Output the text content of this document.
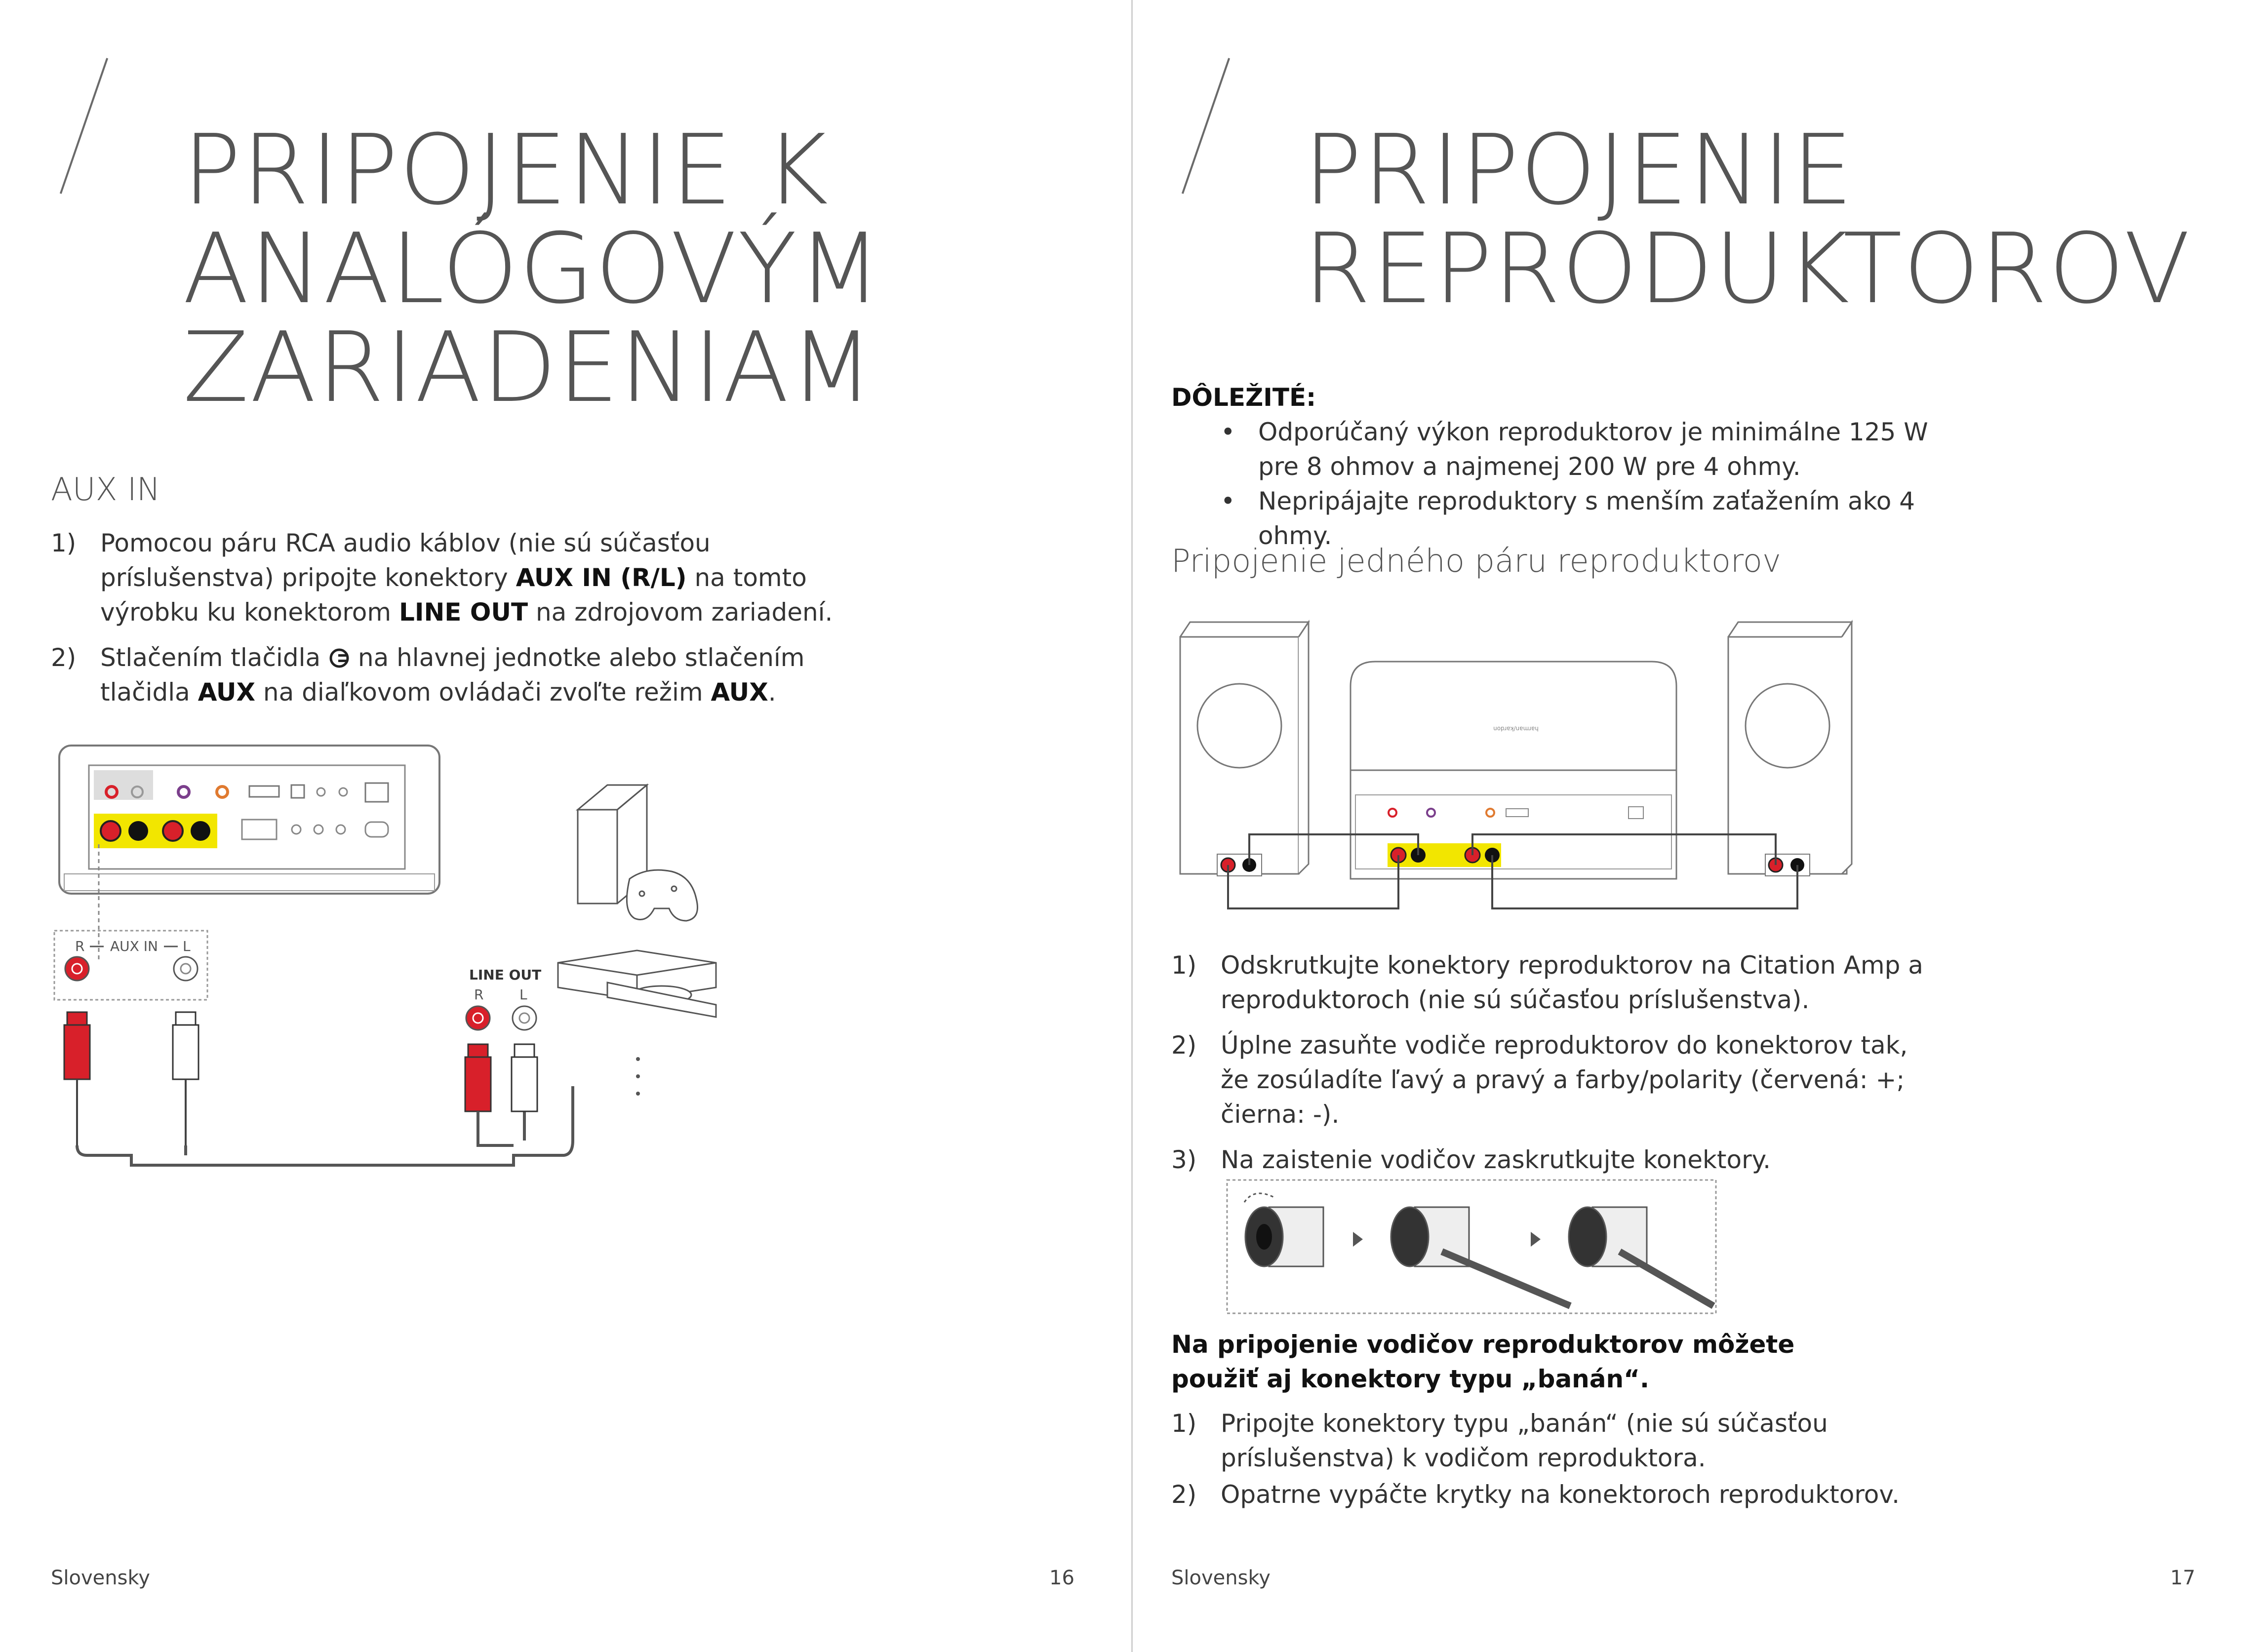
PRIPOJENIE K
ANALÓGOVÝM
ZARIADENIAM
AUX IN
1) Pomocou páru RCA audio káblov (nie sú súčasťou príslušenstva) pripojte konektory AUX IN (R/L) na tomto výrobku ku konektorom LINE OUT na zdrojovom zariadení.
2) Stlačením tlačidla  na hlavnej jednotke alebo stlačením tlačidla AUX na diaľkovom ovládači zvoľte režim AUX.
R AUX IN L
LINE OUT
R	L
Slovensky	16
PRIPOJENIE
REPRODUKTOROV
DÔLEŽITÉ:
• Odporúčaný výkon reproduktorov je minimálne 125 W pre 8 ohmov a najmenej 200 W pre 4 ohmy.
• Nepripájajte reproduktory s menším zaťažením ako 4 ohmy.
Pripojenie jedného páru reproduktorov
harman/kardon
1) Odskrutkujte konektory reproduktorov na Citation Amp a reproduktoroch (nie sú súčasťou príslušenstva).
2) Úplne zasuňte vodiče reproduktorov do konektorov tak, že zosúladíte ľavý a pravý a farby/polarity (červená: +; čierna: -).
3) Na zaistenie vodičov zaskrutkujte konektory.
Na pripojenie vodičov reproduktorov môžete použiť aj konektory typu „banán“.
1) Pripojte konektory typu „banán“ (nie sú súčasťou príslušenstva) k vodičom reproduktora.
2) Opatrne vypáčte krytky na konektoroch reproduktorov.
Slovensky	17
